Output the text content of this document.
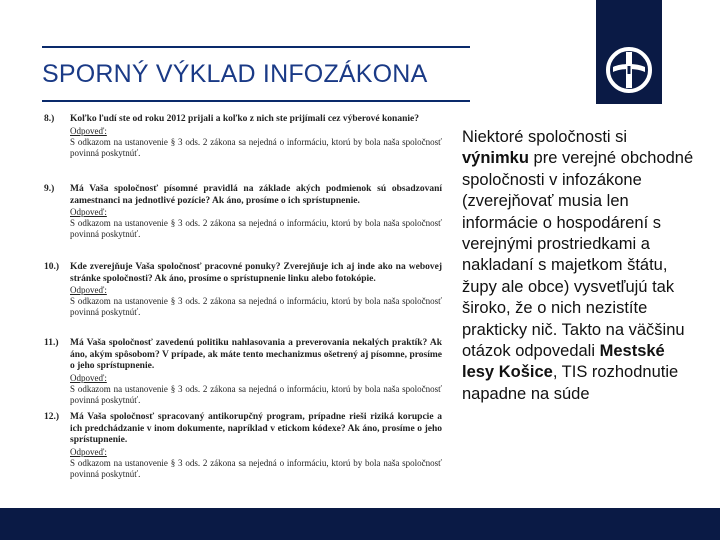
SPORNÝ VÝKLAD INFOZÁKONA
8.) Koľko ľudí ste od roku 2012 prijali a koľko z nich ste prijímali cez výberové konanie?
Odpoveď:
S odkazom na ustanovenie § 3 ods. 2 zákona sa nejedná o informáciu, ktorú by bola naša spoločnosť povinná poskytnúť.
9.) Má Vaša spoločnosť písomné pravidlá na základe akých podmienok sú obsadzovaní zamestnanci na jednotlivé pozície? Ak áno, prosíme o ich sprístupnenie.
Odpoveď:
S odkazom na ustanovenie § 3 ods. 2 zákona sa nejedná o informáciu, ktorú by bola naša spoločnosť povinná poskytnúť.
10.) Kde zverejňuje Vaša spoločnosť pracovné ponuky? Zverejňuje ich aj inde ako na webovej stránke spoločnosti? Ak áno, prosíme o sprístupnenie linku alebo fotokópie.
Odpoveď:
S odkazom na ustanovenie § 3 ods. 2 zákona sa nejedná o informáciu, ktorú by bola naša spoločnosť povinná poskytnúť.
11.) Má Vaša spoločnosť zavedenú politiku nahlasovania a preverovania nekalých praktík? Ak áno, akým spôsobom? V prípade, ak máte tento mechanizmus ošetrený aj písomne, prosíme o jeho sprístupnenie.
Odpoveď:
S odkazom na ustanovenie § 3 ods. 2 zákona sa nejedná o informáciu, ktorú by bola naša spoločnosť povinná poskytnúť.
12.) Má Vaša spoločnosť spracovaný antikorupčný program, prípadne rieši riziká korupcie a ich predchádzanie v inom dokumente, napríklad v etickom kódexe? Ak áno, prosíme o jeho sprístupnenie.
Odpoveď:
S odkazom na ustanovenie § 3 ods. 2 zákona sa nejedná o informáciu, ktorú by bola naša spoločnosť povinná poskytnúť.
Niektoré spoločnosti si výnimku pre verejné obchodné spoločnosti v infozákone (zverejňovať musia len informácie o hospodárení s verejnými prostriedkami a nakladaní s majetkom štátu, župy ale obce) vysvetľujú tak široko, že o nich nezistíte prakticky nič. Takto na väčšinu otázok odpovedali Mestské lesy Košice, TIS rozhodnutie napadne na súde
